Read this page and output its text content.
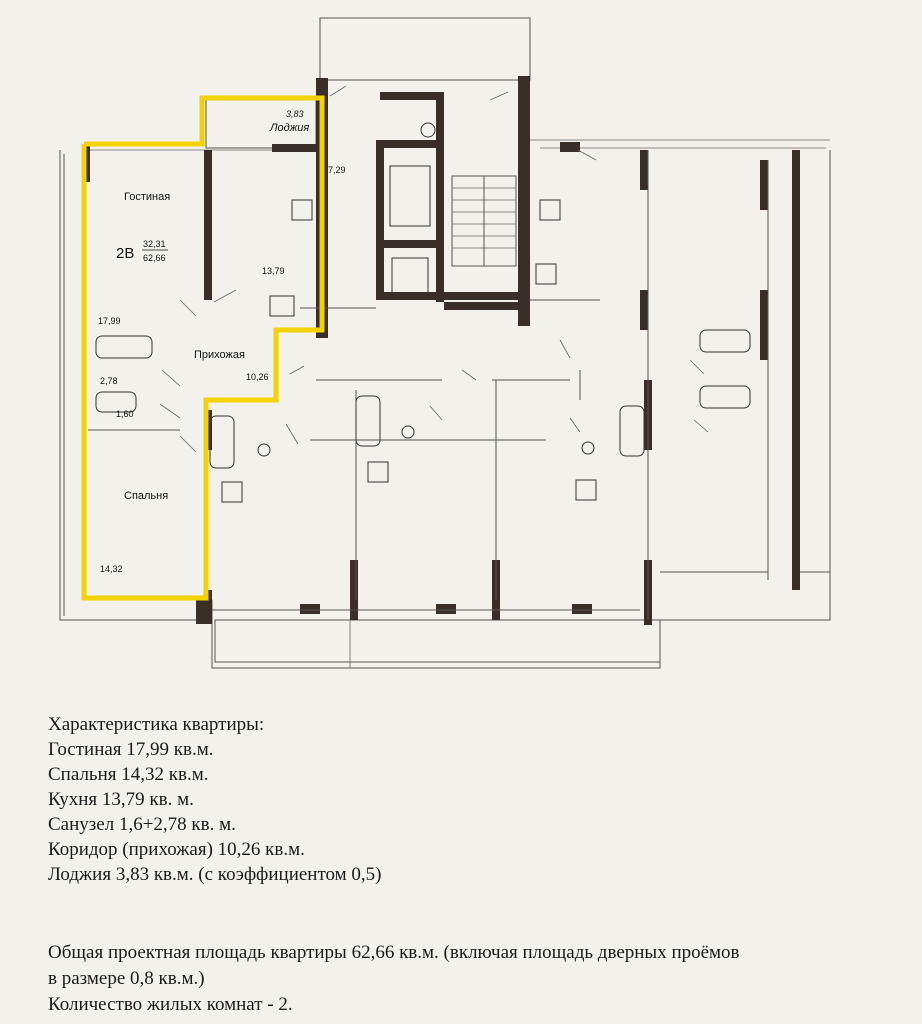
Гостиная
2В
32,31
62,66
17,99
Спальня
14,32
13,79
Прихожая
10,26
3,83
Лоджия
2,78
1,60
7,29
Характеристика квартиры:
Гостиная 17,99 кв.м.
Спальня 14,32 кв.м.
Кухня 13,79 кв. м.
Санузел 1,6+2,78 кв. м.
Коридор (прихожая) 10,26 кв.м.
Лоджия 3,83 кв.м. (с коэффициентом 0,5)
Общая проектная площадь квартиры 62,66 кв.м. (включая площадь дверных проёмов
в размере 0,8 кв.м.)
Количество жилых комнат - 2.
